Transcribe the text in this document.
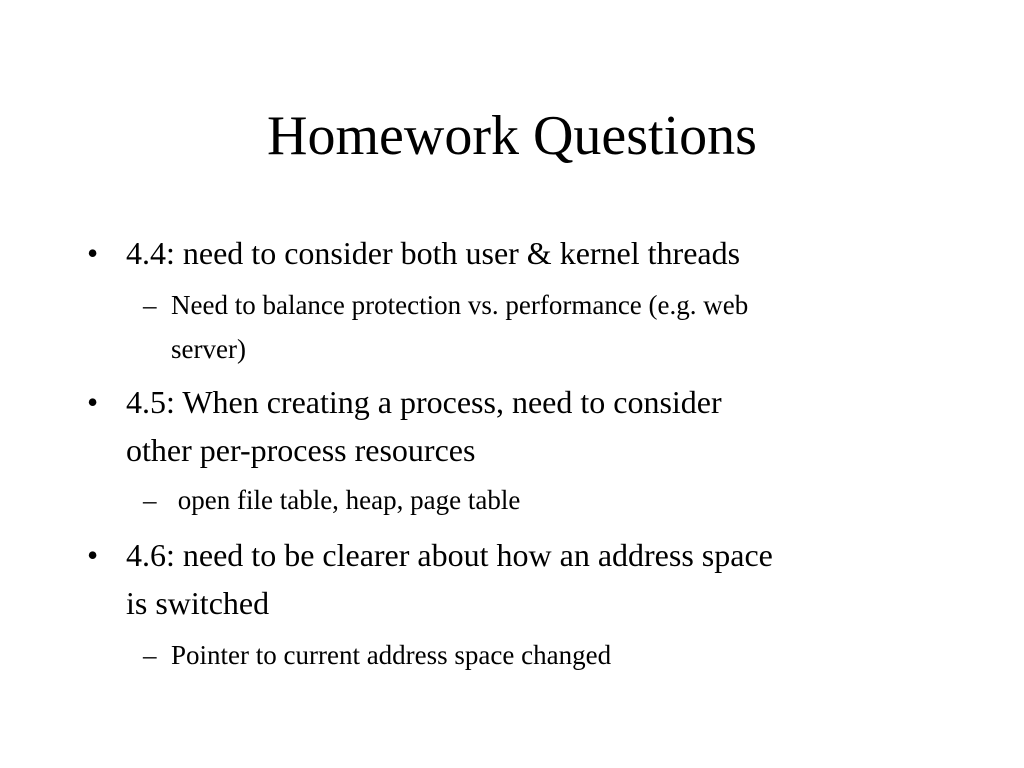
Homework Questions
• 4.4: need to consider both user & kernel threads
– Need to balance protection vs. performance (e.g. web
server)
• 4.5: When creating a process, need to consider
other per-process resources
– open file table, heap, page table
• 4.6: need to be clearer about how an address space
is switched
– Pointer to current address space changed
